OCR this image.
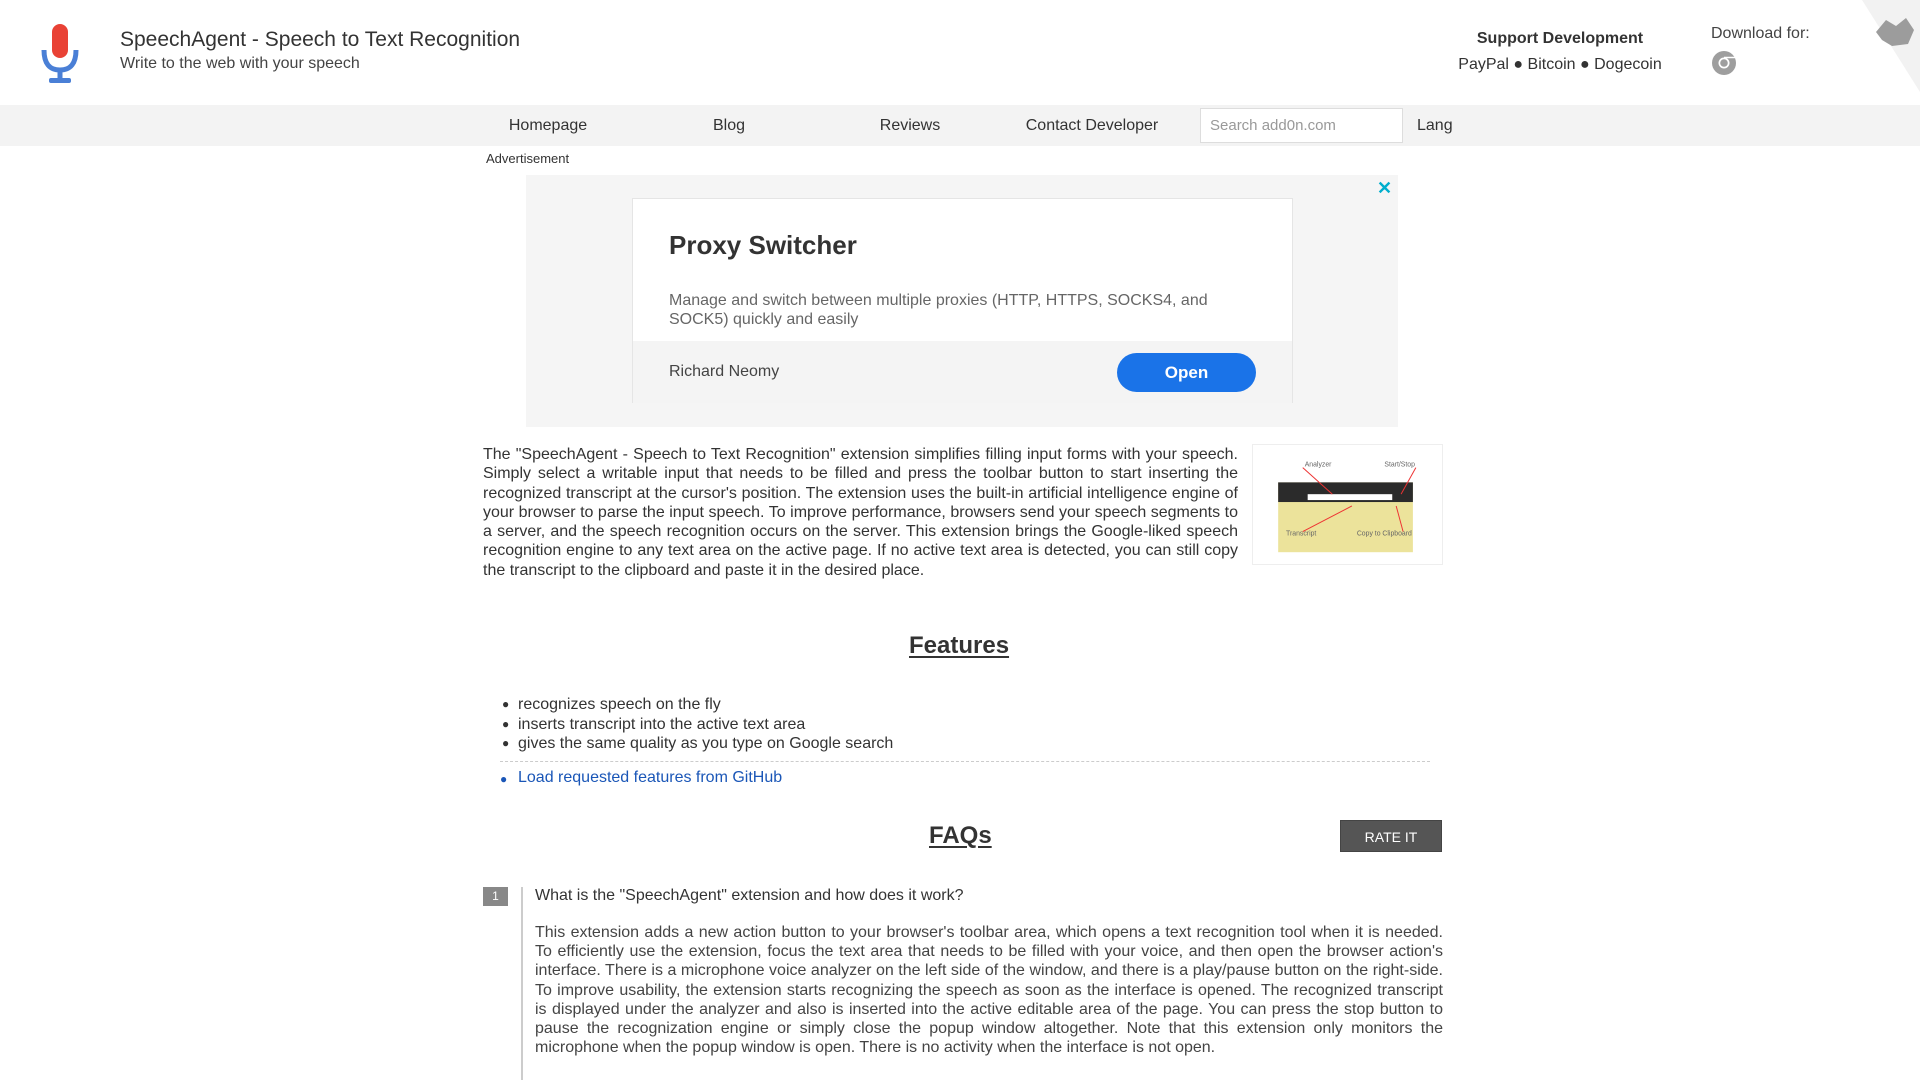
SpeechAgent - Speech to Text Recognition
Write to the web with your speech
Support Development
PayPal ● Bitcoin ● Dogecoin
Download for:
Homepage	Blog	Reviews	Contact Developer
Search add0n.com	Lang
Advertisement
✕
Proxy Switcher
Manage and switch between multiple proxies (HTTP, HTTPS, SOCKS4, and SOCK5) quickly and easily
Richard Neomy	Open
The "SpeechAgent - Speech to Text Recognition" extension simplifies filling input forms with your speech. Simply select a writable input that needs to be filled and press the toolbar button to start inserting the recognized transcript at the cursor's position. The extension uses the built-in artificial intelligence engine of your browser to parse the input speech. To improve performance, browsers send your speech segments to a server, and the speech recognition occurs on the server. This extension brings the Google-liked speech recognition engine to any text area on the active page. If no active text area is detected, you can still copy the transcript to the clipboard and paste it in the desired place.
Analyzer	Start/Stop
Transcript	Copy to Clipboard
Features
● recognizes speech on the fly
● inserts transcript into the active text area
● gives the same quality as you type on Google search
● Load requested features from GitHub
FAQs	RATE IT
1	What is the "SpeechAgent" extension and how does it work?
This extension adds a new action button to your browser's toolbar area, which opens a text recognition tool when it is needed. To efficiently use the extension, focus the text area that needs to be filled with your voice, and then open the browser action's interface. There is a microphone voice analyzer on the left side of the window, and there is a play/pause button on the right-side. To improve usability, the extension starts recognizing the speech as soon as the interface is opened. The recognized transcript is displayed under the analyzer and also is inserted into the active editable area of the page. You can press the stop button to pause the recognization engine or simply close the popup window altogether. Note that this extension only monitors the microphone when the popup window is open. There is no activity when the interface is not open.
